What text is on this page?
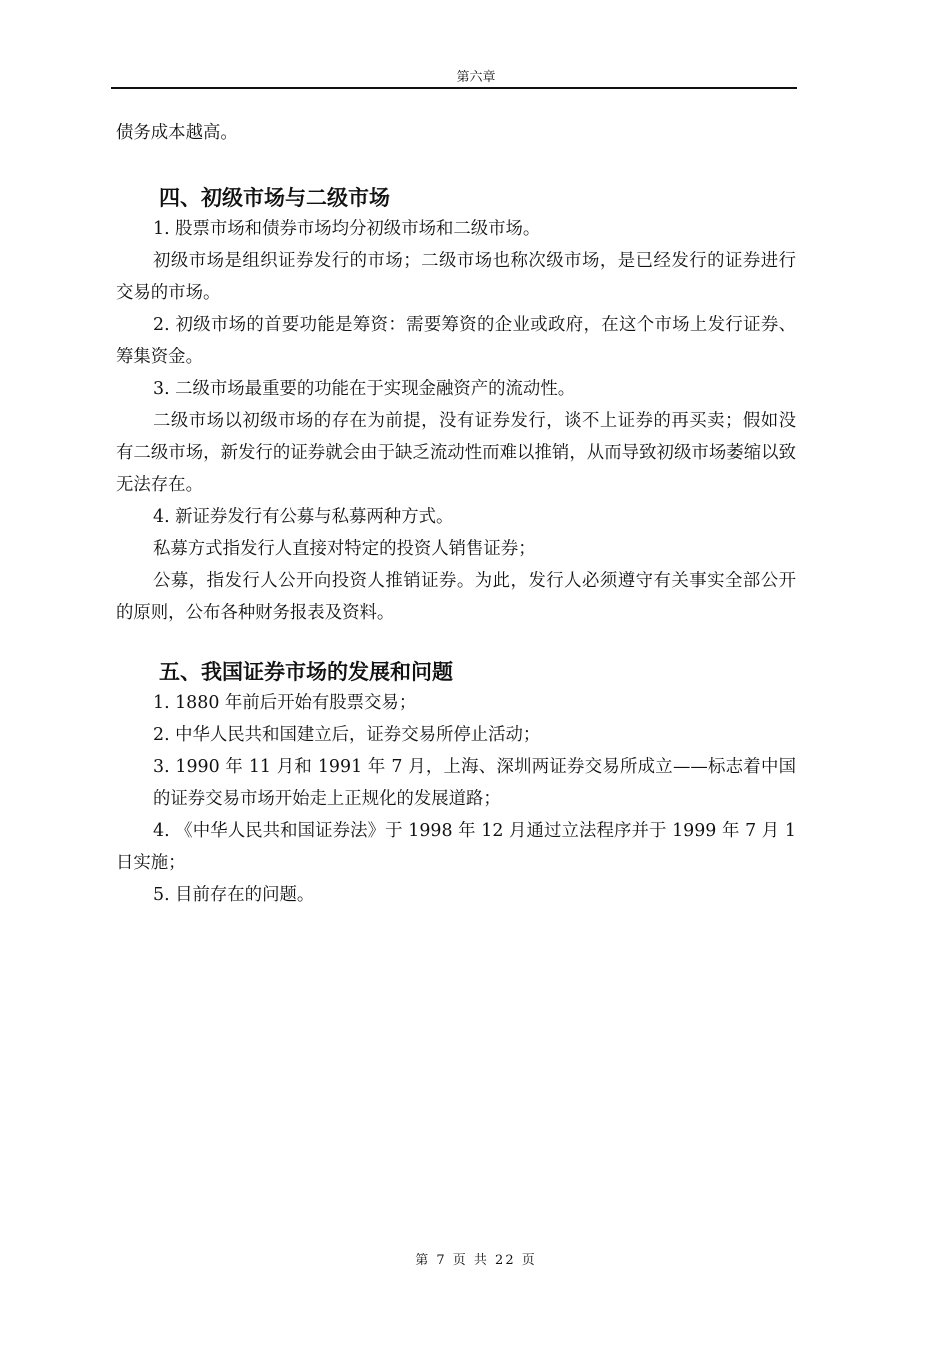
第六章

债务成本越高。

四、初级市场与二级市场

1. 股票市场和债券市场均分初级市场和二级市场。

初级市场是组织证券发行的市场；二级市场也称次级市场，是已经发行的证券进行交易的市场。

2. 初级市场的首要功能是筹资：需要筹资的企业或政府，在这个市场上发行证券、筹集资金。

3. 二级市场最重要的功能在于实现金融资产的流动性。

二级市场以初级市场的存在为前提，没有证券发行，谈不上证券的再买卖；假如没有二级市场，新发行的证券就会由于缺乏流动性而难以推销，从而导致初级市场萎缩以致无法存在。

4. 新证券发行有公募与私募两种方式。

私募方式指发行人直接对特定的投资人销售证券；

公募，指发行人公开向投资人推销证券。为此，发行人必须遵守有关事实全部公开的原则，公布各种财务报表及资料。

五、我国证券市场的发展和问题

1. 1880 年前后开始有股票交易；

2. 中华人民共和国建立后，证券交易所停止活动；

3. 1990 年 11 月和 1991 年 7 月，上海、深圳两证券交易所成立——标志着中国的证券交易市场开始走上正规化的发展道路；

4. 《中华人民共和国证券法》于 1998 年 12 月通过立法程序并于 1999 年 7 月 1 日实施；

5. 目前存在的问题。

第 7 页 共 22 页
